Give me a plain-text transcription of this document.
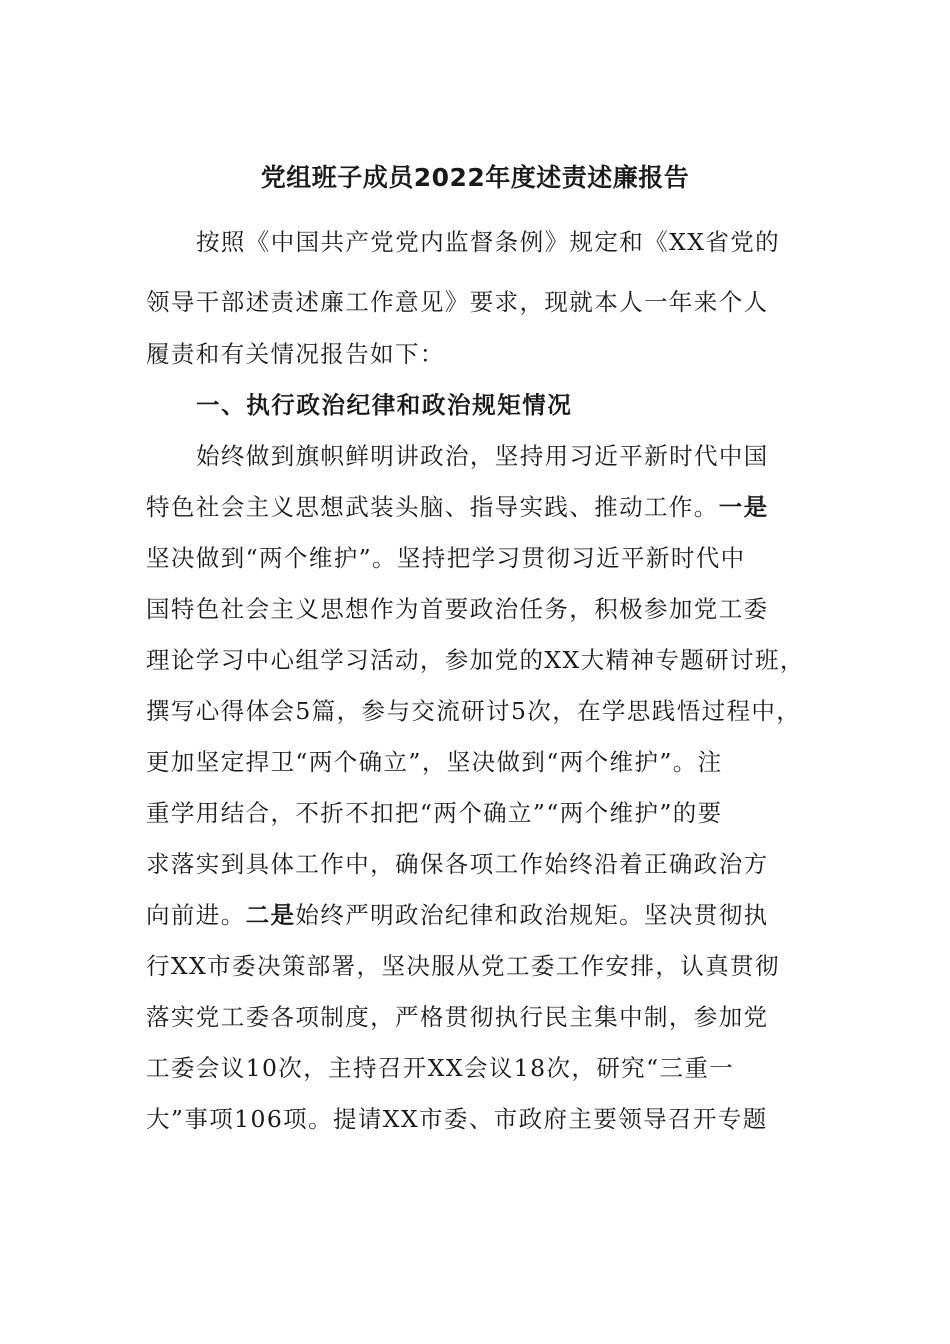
党组班子成员2022年度述责述廉报告
按照《中国共产党党内监督条例》规定和《XX省党的
领导干部述责述廉工作意见》要求，现就本人一年来个人
履责和有关情况报告如下：
一、执行政治纪律和政治规矩情况
始终做到旗帜鲜明讲政治，坚持用习近平新时代中国
特色社会主义思想武装头脑、指导实践、推动工作。一是
坚决做到“两个维护”。坚持把学习贯彻习近平新时代中
国特色社会主义思想作为首要政治任务，积极参加党工委
理论学习中心组学习活动，参加党的XX大精神专题研讨班，
撰写心得体会5篇，参与交流研讨5次，在学思践悟过程中，
更加坚定捍卫“两个确立”，坚决做到“两个维护”。注
重学用结合，不折不扣把“两个确立”“两个维护”的要
求落实到具体工作中，确保各项工作始终沿着正确政治方
向前进。二是始终严明政治纪律和政治规矩。坚决贯彻执
行XX市委决策部署，坚决服从党工委工作安排，认真贯彻
落实党工委各项制度，严格贯彻执行民主集中制，参加党
工委会议10次，主持召开XX会议18次，研究“三重一
大”事项106项。提请XX市委、市政府主要领导召开专题
